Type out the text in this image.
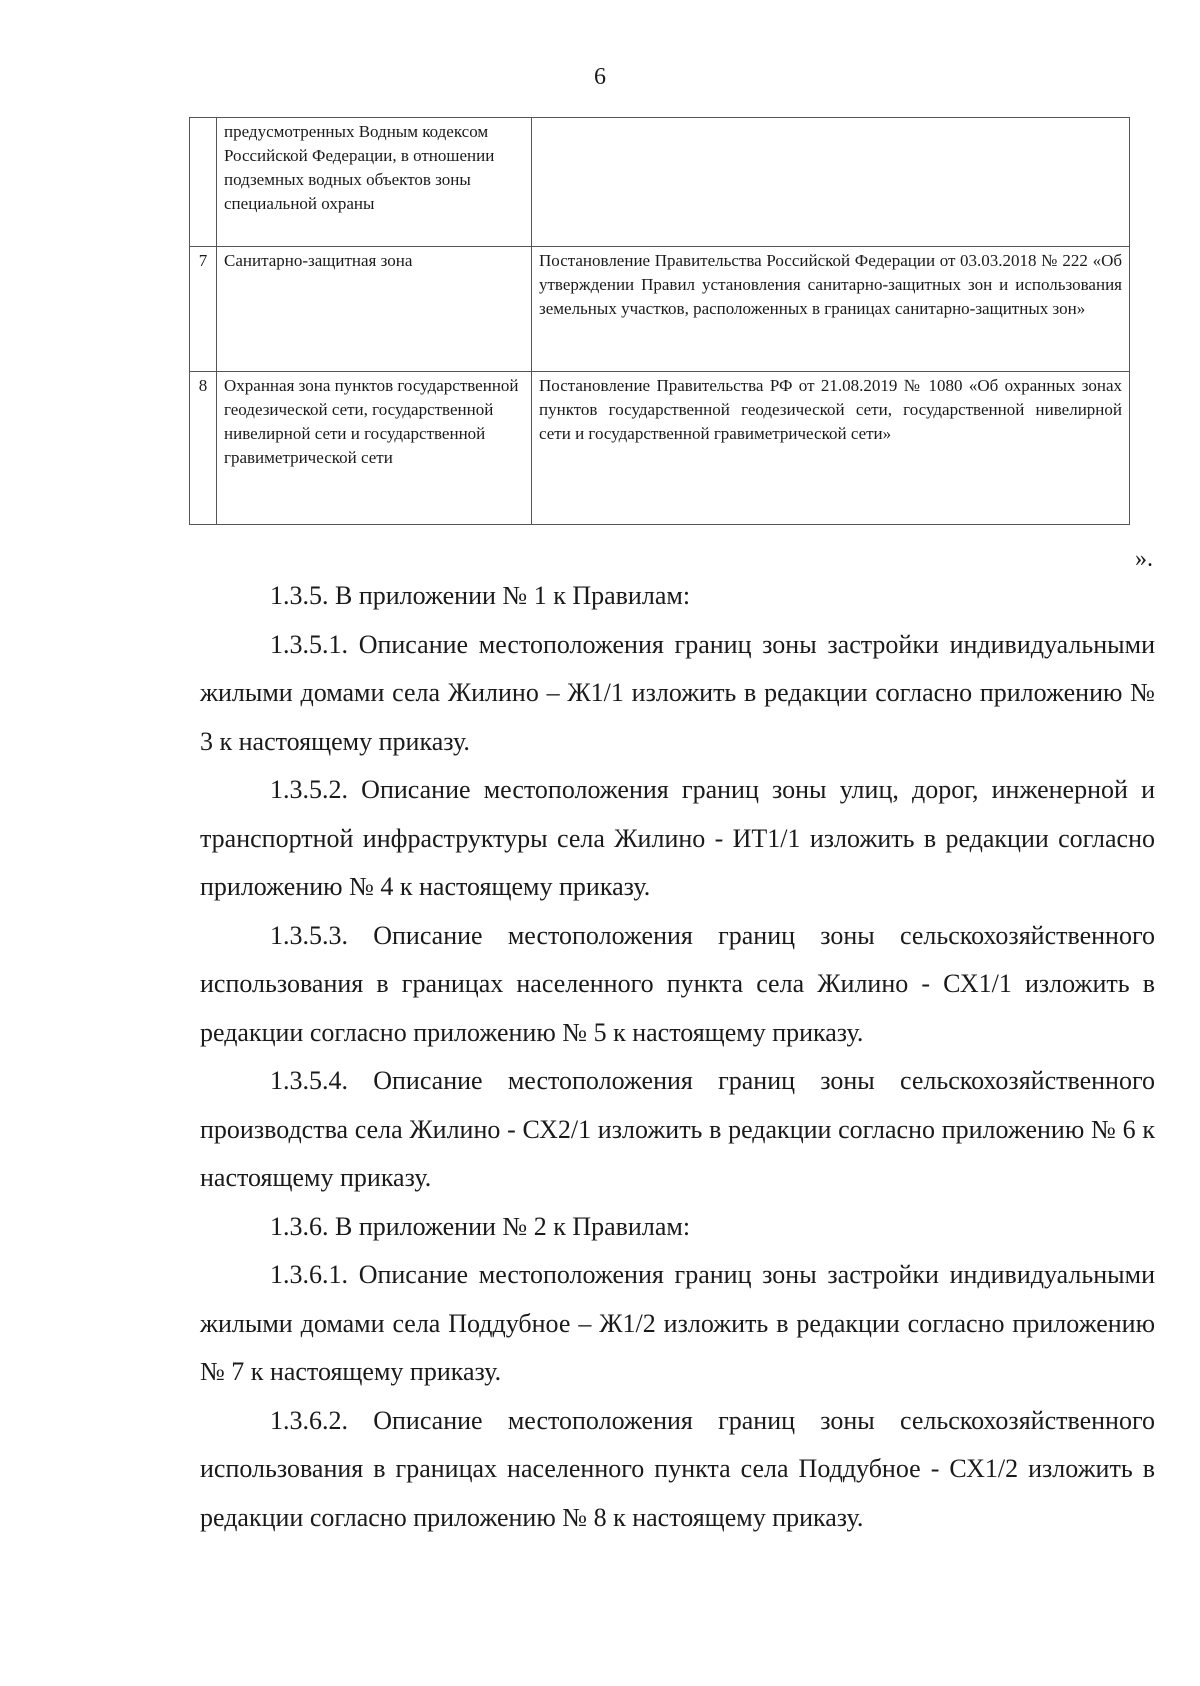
6
	предусмотренных Водным кодексом Российской Федерации, в отношении подземных водных объектов зоны специальной охраны	
7	Санитарно-защитная зона	Постановление Правительства Российской Федерации от 03.03.2018 № 222 «Об утверждении Правил установления санитарно-защитных зон и использования земельных участков, расположенных в границах санитарно-защитных зон»
8	Охранная зона пунктов государственной геодезической сети, государственной нивелирной сети и государственной гравиметрической сети	Постановление Правительства РФ от 21.08.2019 № 1080 «Об охранных зонах пунктов государственной геодезической сети, государственной нивелирной сети и государственной гравиметрической сети»
».

1.3.5. В приложении № 1 к Правилам:

1.3.5.1. Описание местоположения границ зоны застройки индивидуальными жилыми домами села Жилино – Ж1/1 изложить в редакции согласно приложению № 3 к настоящему приказу.

1.3.5.2. Описание местоположения границ зоны улиц, дорог, инженерной и транспортной инфраструктуры села Жилино - ИТ1/1 изложить в редакции согласно приложению № 4 к настоящему приказу.

1.3.5.3. Описание местоположения границ зоны сельскохозяйственного использования в границах населенного пункта села Жилино - СХ1/1 изложить в редакции согласно приложению № 5 к настоящему приказу.

1.3.5.4. Описание местоположения границ зоны сельскохозяйственного производства села Жилино - СХ2/1 изложить в редакции согласно приложению № 6 к настоящему приказу.

1.3.6. В приложении № 2 к Правилам:

1.3.6.1. Описание местоположения границ зоны застройки индивидуальными жилыми домами села Поддубное – Ж1/2 изложить в редакции согласно приложению № 7 к настоящему приказу.

1.3.6.2. Описание местоположения границ зоны сельскохозяйственного использования в границах населенного пункта села Поддубное - СХ1/2 изложить в редакции согласно приложению № 8 к настоящему приказу.
